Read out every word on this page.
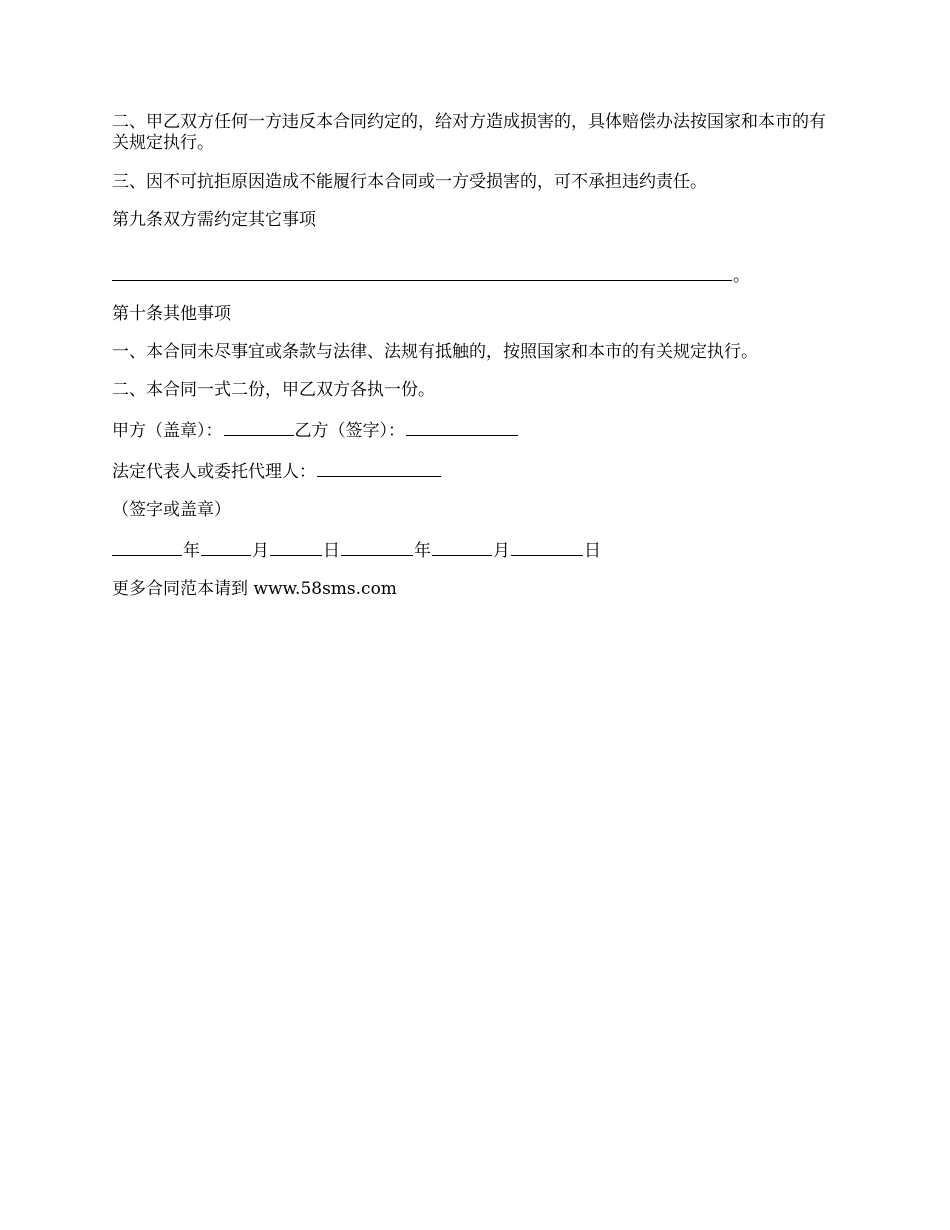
二、甲乙双方任何一方违反本合同约定的，给对方造成损害的，具体赔偿办法按国家和本市的有关规定执行。

三、因不可抗拒原因造成不能履行本合同或一方受损害的，可不承担违约责任。

第九条双方需约定其它事项

。

第十条其他事项

一、本合同未尽事宜或条款与法律、法规有抵触的，按照国家和本市的有关规定执行。

二、本合同一式二份，甲乙双方各执一份。

甲方（盖章）：	乙方（签字）：

法定代表人或委托代理人：

（签字或盖章）

年	月	日	年	月	日

更多合同范本请到 www.58sms.com
